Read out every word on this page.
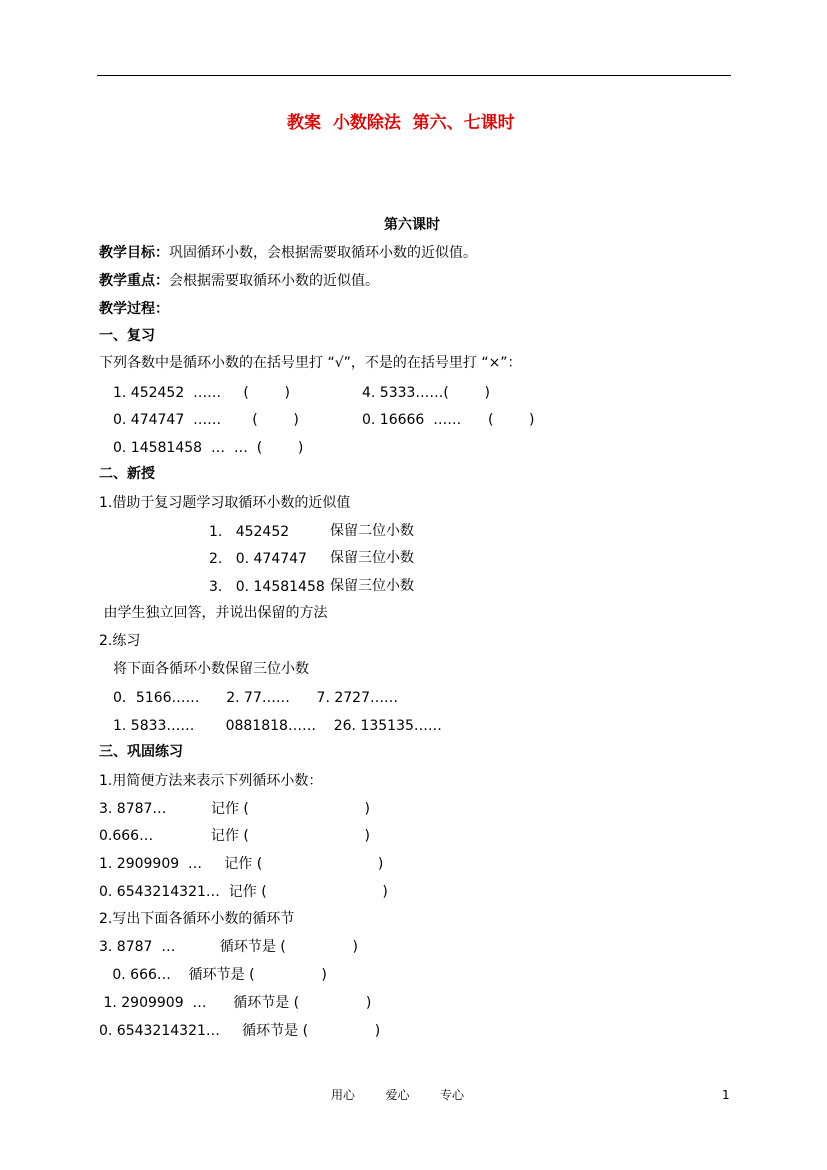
教案  小数除法  第六、七课时
第六课时
教学目标：巩固循环小数，会根据需要取循环小数的近似值。
教学重点：会根据需要取循环小数的近似值。
教学过程：
一、复习
下列各数中是循环小数的在括号里打 “√”，不是的在括号里打 “×”：
1. 452452  ……     (        )	4. 5333……(        )
0. 474747  ……       (        )	0. 16666  ……      (        )
0. 14581458  …  …  (        )
二、新授
1.借助于复习题学习取循环小数的近似值
1.   452452	保留二位小数
2.   0. 474747 保留三位小数
3.   0. 14581458 保留三位小数
由学生独立回答，并说出保留的方法
2.练习
将下面各循环小数保留三位小数
0．5166……      2. 77……      7. 2727……
1. 5833……       0881818……    26. 135135……
三、巩固练习
1.用简便方法来表示下列循环小数：
3. 8787…          记作 (                          )
0.666…             记作 (                          )
1. 2909909  …     记作 (                          )
0. 6543214321…  记作 (                          )
2.写出下面各循环小数的循环节
3. 8787  …          循环节是 (               )
0. 666…    循环节是 (               )
1. 2909909  …      循环节是 (               )
0. 6543214321…     循环节是 (               )
用心        爱心        专心	1
